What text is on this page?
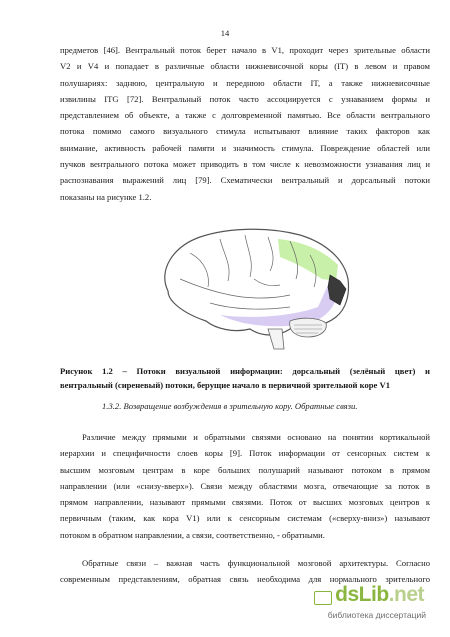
14
предметов [46]. Вентральный поток берет начало в V1, проходит через зрительные области
V2 и V4 и попадает в различные области нижневисочной коры (IT) в левом и правом
полушариях: заднюю, центральную и переднюю области IT, а также нижневисочные
извилины ITG [72]. Вентральный поток часто ассоциируется с узнаванием формы и
представлением об объекте, а также с долговременной памятью. Все области вентрального
потока помимо самого визуального стимула испытывают влияние таких факторов как
внимание, активность рабочей памяти и значимость стимула. Повреждение областей или
пучков вентрального потока может приводить в том числе к невозможности узнавания лиц и
распознавания выражений лиц [79]. Схематически вентральный и дорсальный потоки
показаны на рисунке 1.2.
Рисунок 1.2 – Потоки визуальной информации: дорсальный (зелёный цвет) и
вентральный (сиреневый) потоки, берущие начало в первичной зрительной коре V1
1.3.2. Возвращение возбуждения в зрительную кору. Обратные связи.
Различие между прямыми и обратными связями основано на понятии кортикальной
иерархии и специфичности слоев коры [9]. Поток информации от сенсорных систем к
высшим мозговым центрам в коре больших полушарий называют потоком в прямом
направлении (или «снизу-вверх»). Связи между областями мозга, отвечающие за поток в
прямом направлении, называют прямыми связями. Поток от высших мозговых центров к
первичным (таким, как кора V1) или к сенсорным системам («сверху-вниз») называют
потоком в обратном направлении, а связи, соответственно, - обратными.
Обратные связи – важная часть функциональной мозговой архитектуры. Согласно
современным представлениям, обратная связь необходима для нормального зрительного
dsLib.net
библиотека диссертаций
